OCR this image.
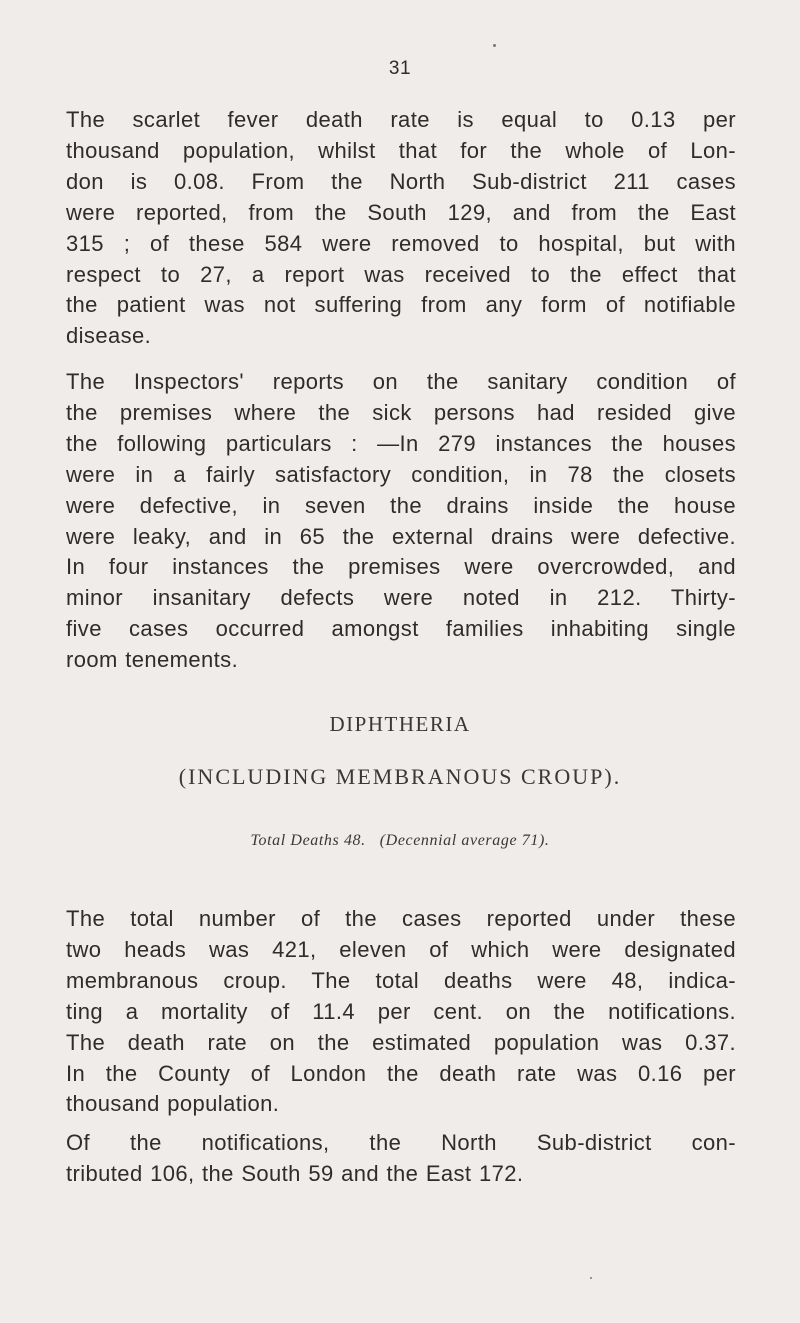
31

The scarlet fever death rate is equal to 0.13 per
thousand population, whilst that for the whole of Lon-
don is 0.08. From the North Sub-district 211 cases
were reported, from the South 129, and from the East
315 ; of these 584 were removed to hospital, but with
respect to 27, a report was received to the effect that
the patient was not suffering from any form of notifiable
disease.

The Inspectors' reports on the sanitary condition of
the premises where the sick persons had resided give
the following particulars : —In 279 instances the houses
were in a fairly satisfactory condition, in 78 the closets
were defective, in seven the drains inside the house
were leaky, and in 65 the external drains were defective.
In four instances the premises were overcrowded, and
minor insanitary defects were noted in 212. Thirty-
five cases occurred amongst families inhabiting single
room tenements.

DIPHTHERIA
(INCLUDING MEMBRANOUS CROUP).
Total Deaths 48. (Decennial average 71).

The total number of the cases reported under these
two heads was 421, eleven of which were designated
membranous croup. The total deaths were 48, indica-
ting a mortality of 11.4 per cent. on the notifications.
The death rate on the estimated population was 0.37.
In the County of London the death rate was 0.16 per
thousand population.

Of the notifications, the North Sub-district con-
tributed 106, the South 59 and the East 172.
